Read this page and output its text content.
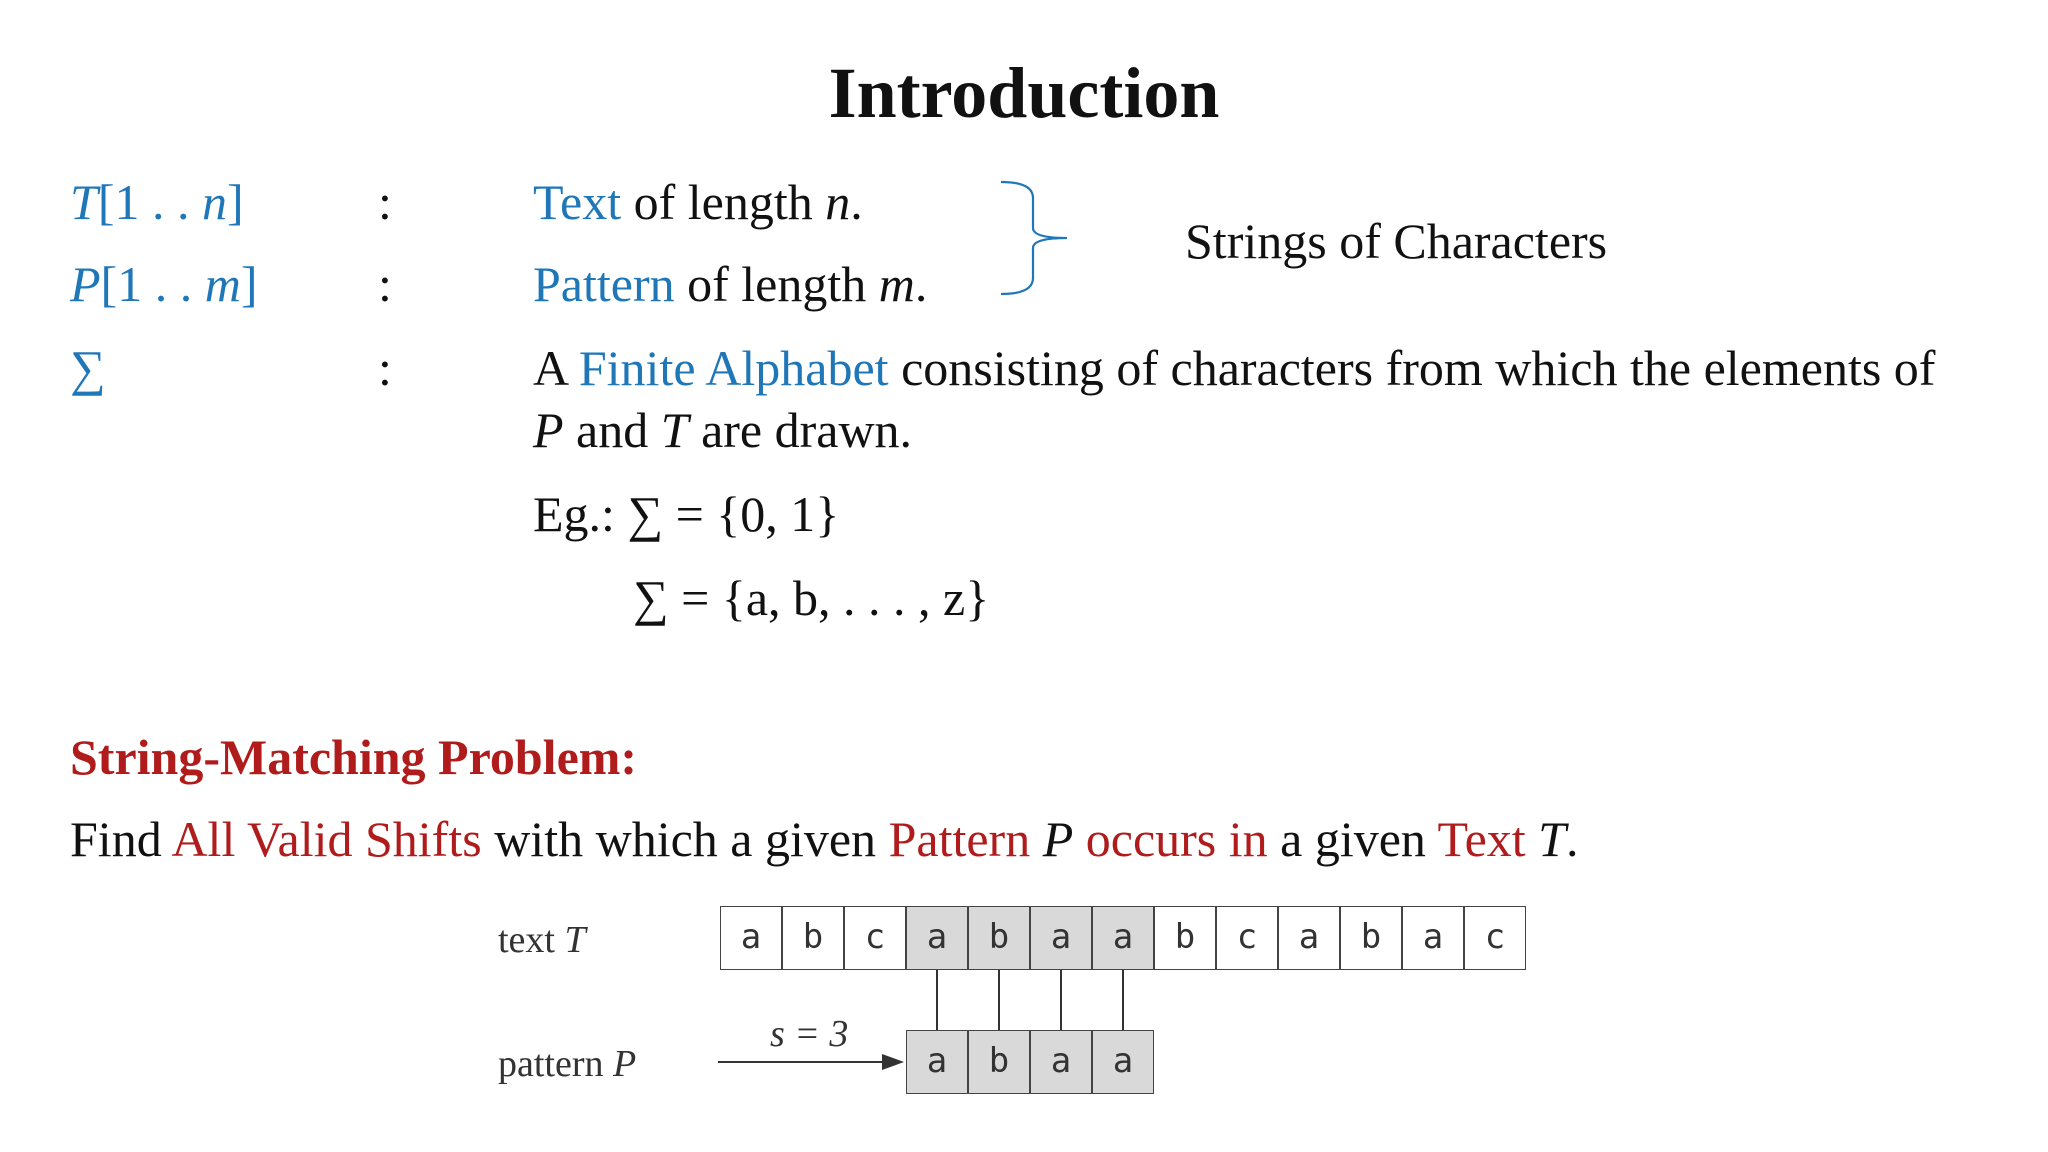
Introduction
T[1 . . n]	:	Text of length n.
P[1 . . m] :	Pattern of length m.
Strings of Characters
∑	:	A Finite Alphabet consisting of characters from which the elements of
P and T are drawn.
Eg.: ∑ = {0, 1}
∑ = {a, b, . . . , z}
String-Matching Problem:
Find All Valid Shifts with which a given Pattern P occurs in a given Text T.
text T
pattern P
s = 3
a	b	c	a	b	a	a	b	c	a	b	a	c
a	b	a	a
